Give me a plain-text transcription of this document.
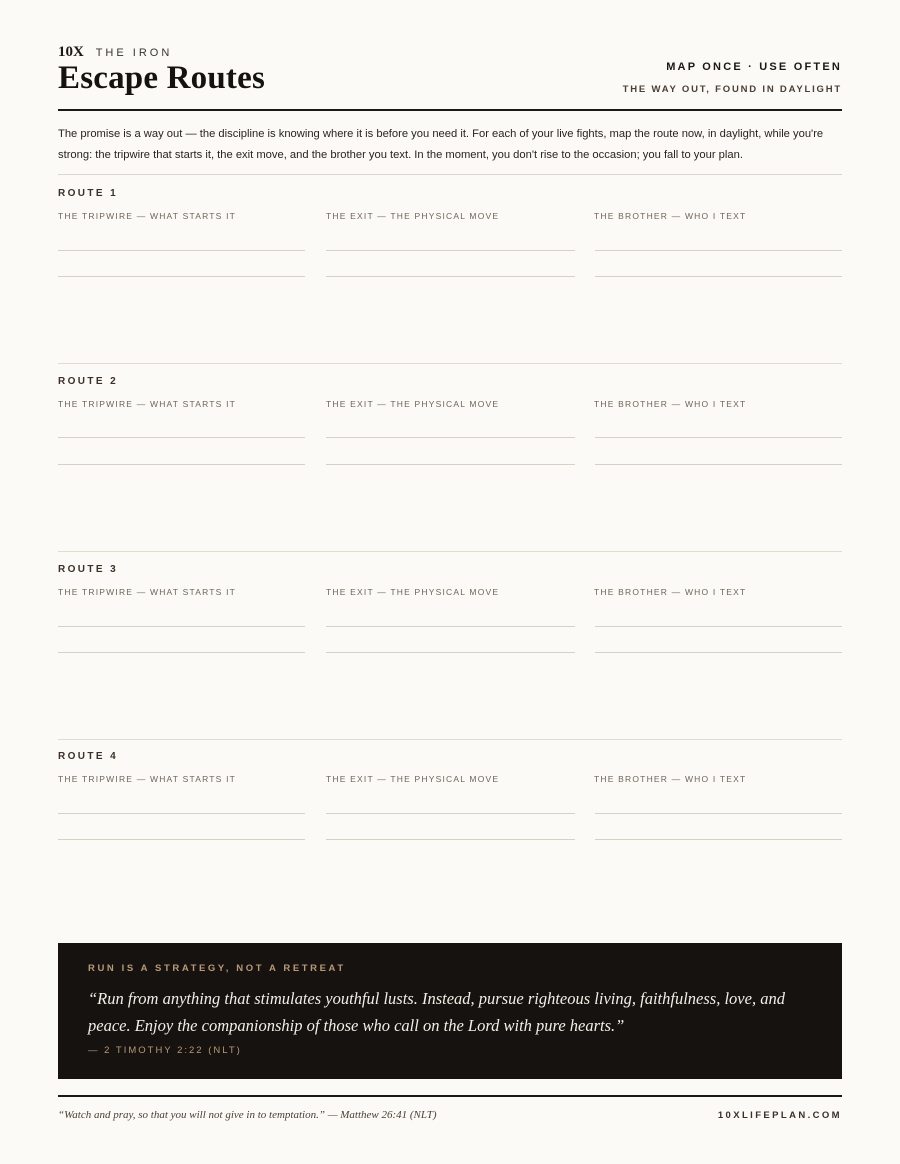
10X THE IRON
Escape Routes	MAP ONCE · USE OFTEN
THE WAY OUT, FOUND IN DAYLIGHT

The promise is a way out — the discipline is knowing where it is before you need it. For each of your live fights, map the route now, in daylight, while you're strong: the tripwire that starts it, the exit move, and the brother you text. In the moment, you don't rise to the occasion; you fall to your plan.

ROUTE 1
THE TRIPWIRE — WHAT STARTS IT	THE EXIT — THE PHYSICAL MOVE	THE BROTHER — WHO I TEXT
ROUTE 2
THE TRIPWIRE — WHAT STARTS IT	THE EXIT — THE PHYSICAL MOVE	THE BROTHER — WHO I TEXT
ROUTE 3
THE TRIPWIRE — WHAT STARTS IT	THE EXIT — THE PHYSICAL MOVE	THE BROTHER — WHO I TEXT
ROUTE 4
THE TRIPWIRE — WHAT STARTS IT	THE EXIT — THE PHYSICAL MOVE	THE BROTHER — WHO I TEXT
RUN IS A STRATEGY, NOT A RETREAT

“Run from anything that stimulates youthful lusts. Instead, pursue righteous living, faithfulness, love, and peace. Enjoy the companionship of those who call on the Lord with pure hearts.”

— 2 TIMOTHY 2:22 (NLT)
“Watch and pray, so that you will not give in to temptation.” — Matthew 26:41 (NLT)	10XLIFEPLAN.COM
